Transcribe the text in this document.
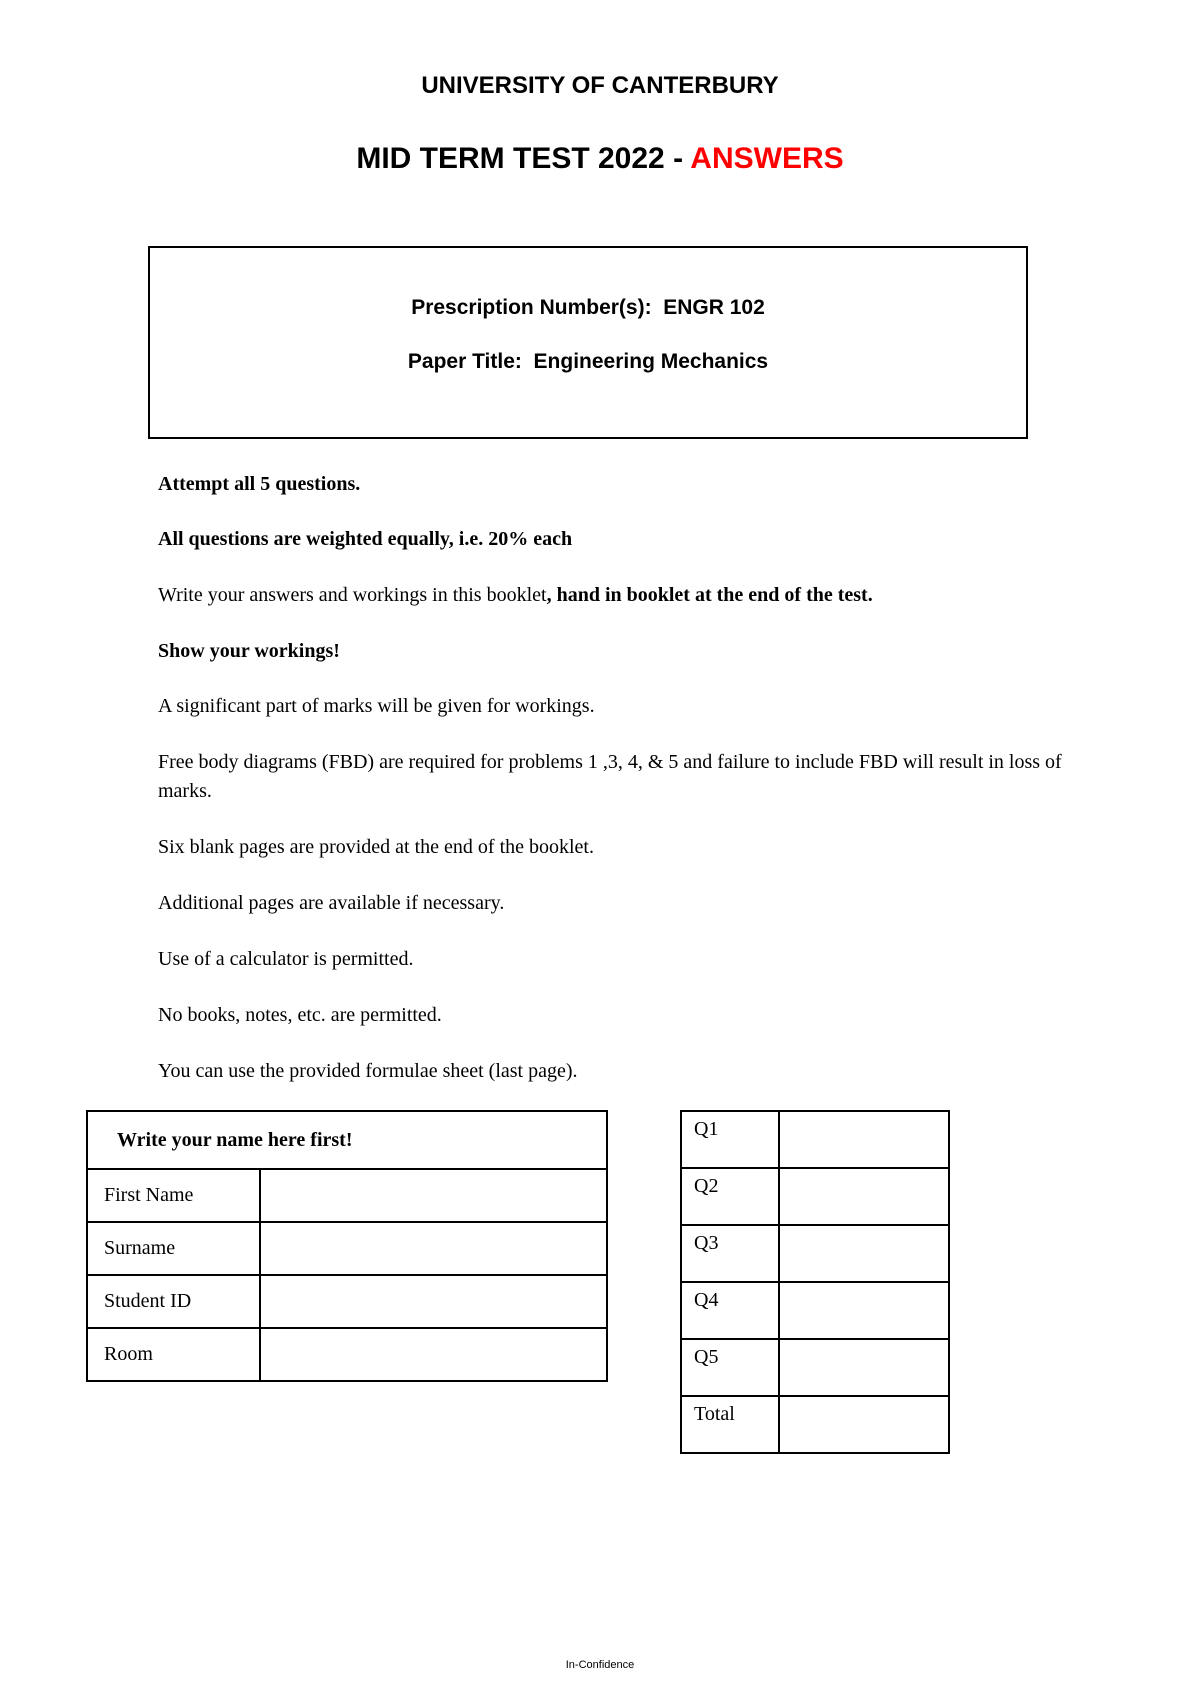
UNIVERSITY OF CANTERBURY
MID TERM TEST 2022 - ANSWERS
Prescription Number(s): ENGR 102
Paper Title: Engineering Mechanics
Attempt all 5 questions.
All questions are weighted equally, i.e. 20% each
Write your answers and workings in this booklet, hand in booklet at the end of the test.
Show your workings!
A significant part of marks will be given for workings.
Free body diagrams (FBD) are required for problems 1 ,3, 4, & 5 and failure to include FBD will result in loss of marks.
Six blank pages are provided at the end of the booklet.
Additional pages are available if necessary.
Use of a calculator is permitted.
No books, notes, etc. are permitted.
You can use the provided formulae sheet (last page).
Write your name here first!	
First Name	
Surname	
Student ID	
Room	
Q1	
Q2	
Q3	
Q4	
Q5	
Total	
In-Confidence
